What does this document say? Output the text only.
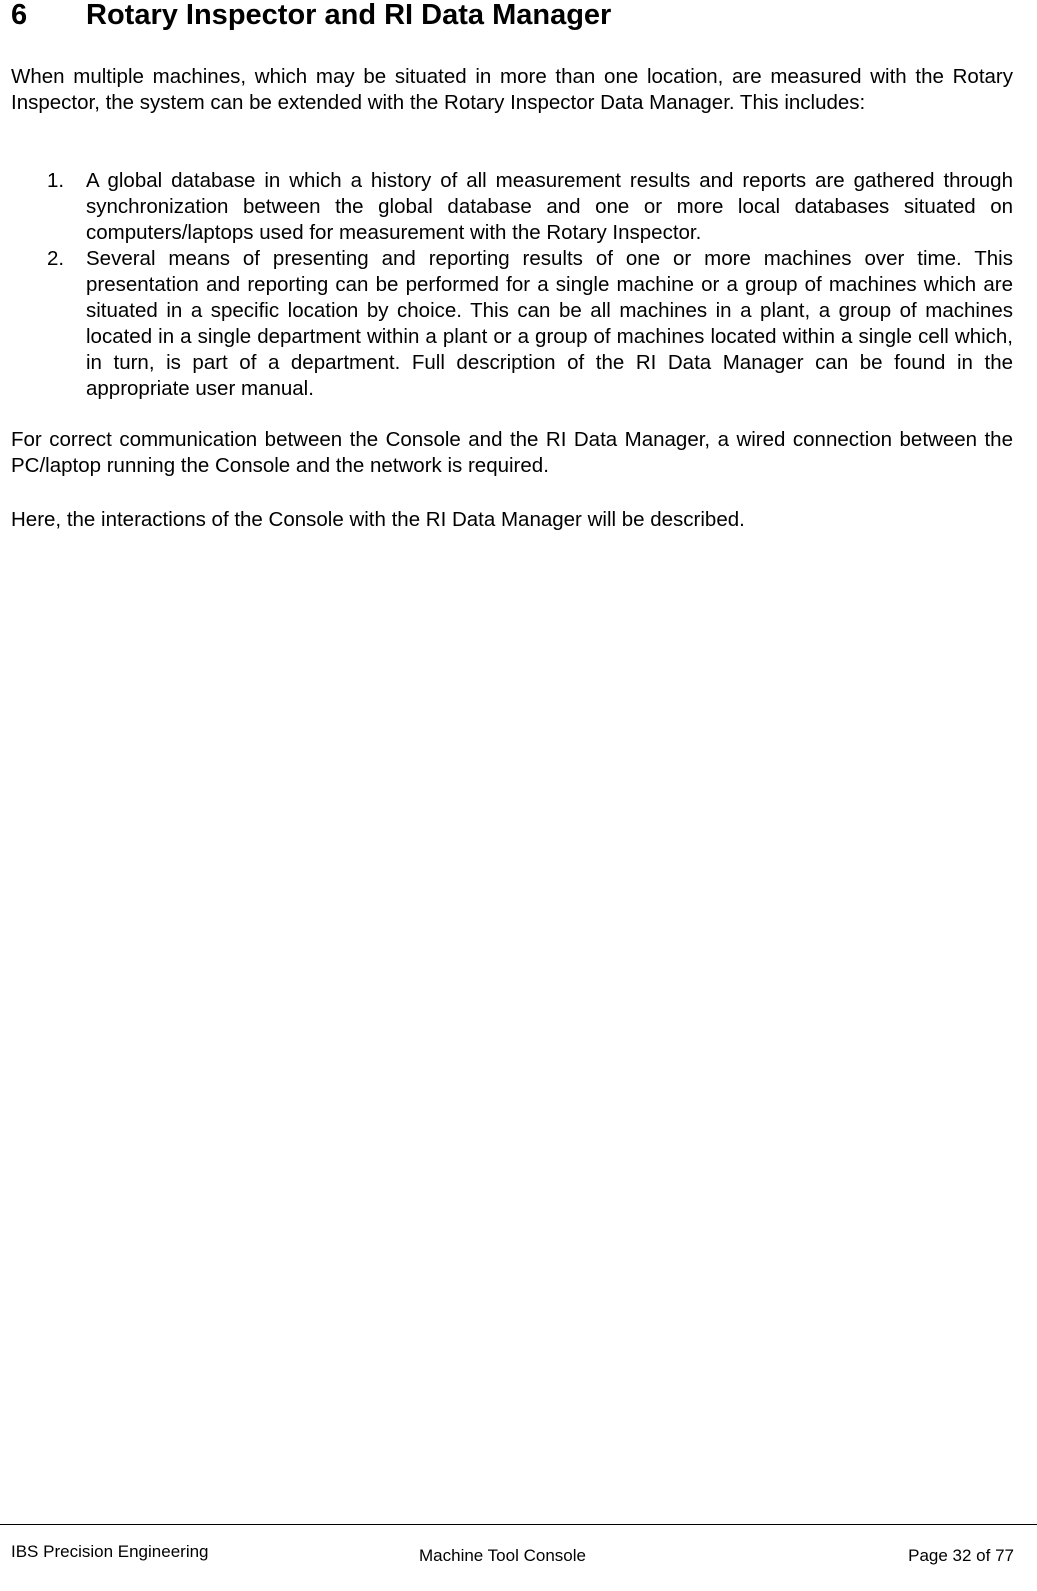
6 Rotary Inspector and RI Data Manager

When multiple machines, which may be situated in more than one location, are measured with the Rotary Inspector, the system can be extended with the Rotary Inspector Data Manager. This includes:

1. A global database in which a history of all measurement results and reports are gathered through synchronization between the global database and one or more local databases situated on computers/laptops used for measurement with the Rotary Inspector.
2. Several means of presenting and reporting results of one or more machines over time. This presentation and reporting can be performed for a single machine or a group of machines which are situated in a specific location by choice. This can be all machines in a plant, a group of machines located in a single department within a plant or a group of machines located within a single cell which, in turn, is part of a department. Full description of the RI Data Manager can be found in the appropriate user manual.

For correct communication between the Console and the RI Data Manager, a wired connection between the PC/laptop running the Console and the network is required.

Here, the interactions of the Console with the RI Data Manager will be described.

IBS Precision Engineering	Machine Tool Console	Page 32 of 77
